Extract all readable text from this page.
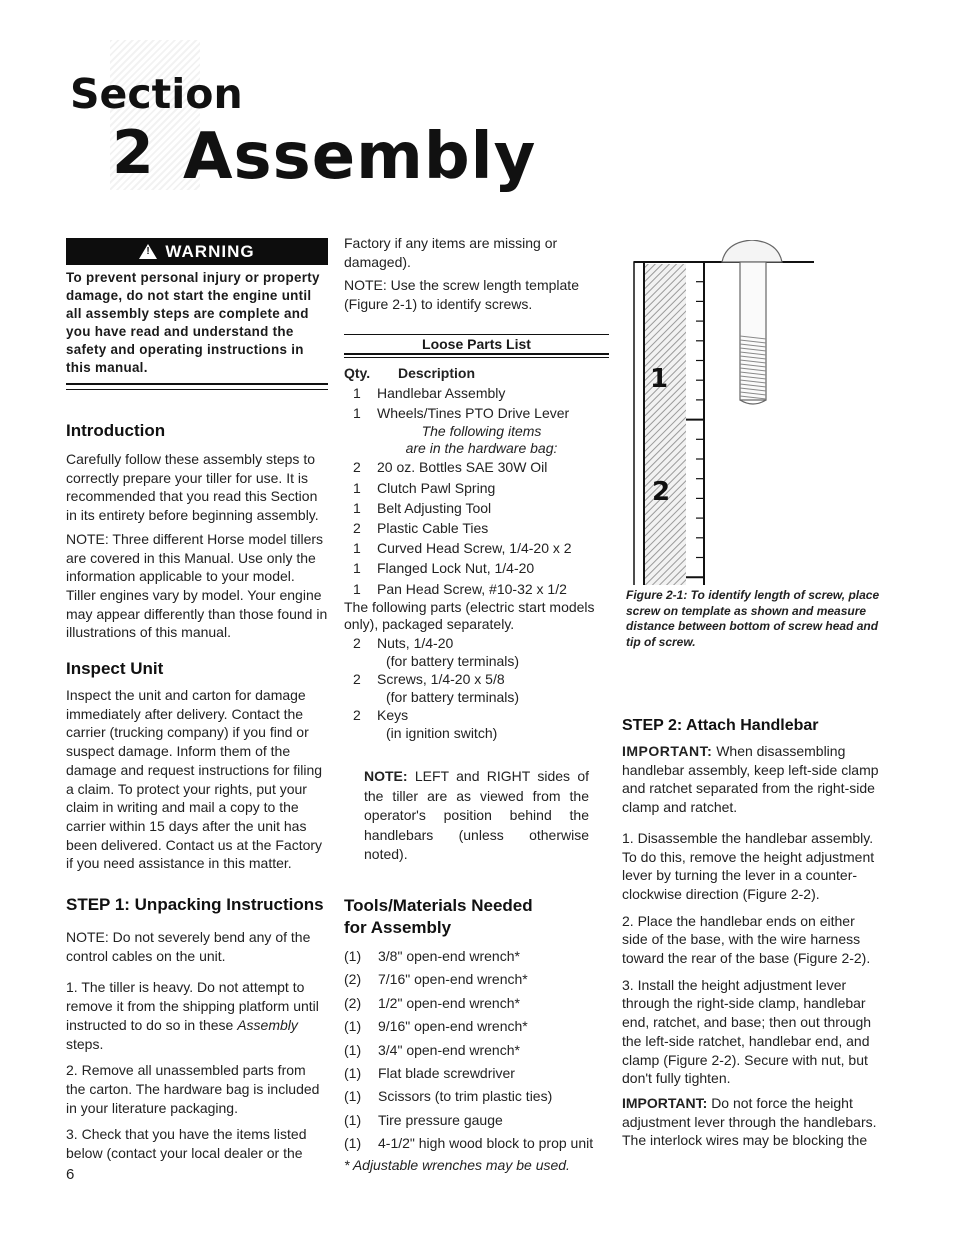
Section
2 Assembly
!
WARNING
To prevent personal injury or property damage, do not start the engine until all assembly steps are complete and you have read and understand the safety and operating instructions in this manual.
Introduction

Carefully follow these assembly steps to correctly prepare your tiller for use. It is recommended that you read this Section in its entirety before beginning assembly.

NOTE: Three different Horse model tillers are covered in this Manual. Use only the information applicable to your model. Tiller engines vary by model. Your engine may appear differently than those found in illustrations of this manual.

Inspect Unit

Inspect the unit and carton for damage immediately after delivery. Contact the carrier (trucking company) if you find or suspect damage. Inform them of the damage and request instructions for filing a claim. To protect your rights, put your claim in writing and mail a copy to the carrier within 15 days after the unit has been delivered. Contact us at the Factory if you need assistance in this matter.

STEP 1: Unpacking Instructions

NOTE: Do not severely bend any of the control cables on the unit.

1. The tiller is heavy. Do not attempt to remove it from the shipping platform until instructed to do so in these Assembly steps.

2. Remove all unassembled parts from the carton. The hardware bag is included in your literature packaging.

3. Check that you have the items listed below (contact your local dealer or the

Factory if any items are missing or damaged).

NOTE: Use the screw length template (Figure 2-1) to identify screws.

Loose Parts List
Qty.	Description
1	Handlebar Assembly
1	Wheels/Tines PTO Drive Lever
The following items
are in the hardware bag:
2	20 oz. Bottles SAE 30W Oil
1	Clutch Pawl Spring
1	Belt Adjusting Tool
2	Plastic Cable Ties
1	Curved Head Screw, 1/4-20 x 2
1	Flanged Lock Nut, 1/4-20
1	Pan Head Screw, #10-32 x 1/2
The following parts (electric start models only), packaged separately.
2	Nuts, 1/4-20
(for battery terminals)
2	Screws, 1/4-20 x 5/8
(for battery terminals)
2	Keys
(in ignition switch)

NOTE: LEFT and RIGHT sides of the tiller are as viewed from the operator's position behind the handlebars (unless otherwise noted).

Tools/Materials Needed
for Assembly
(1)	3/8" open-end wrench*
(2)	7/16" open-end wrench*
(2)	1/2" open-end wrench*
(1)	9/16" open-end wrench*
(1)	3/4" open-end wrench*
(1)	Flat blade screwdriver
(1)	Scissors (to trim plastic ties)
(1)	Tire pressure gauge
(1)	4-1/2" high wood block to prop unit
* Adjustable wrenches may be used.
1
2
Figure 2-1: To identify length of screw, place screw on template as shown and measure distance between bottom of screw head and tip of screw.
STEP 2: Attach Handlebar

IMPORTANT: When disassembling handlebar assembly, keep left-side clamp and ratchet separated from the right-side clamp and ratchet.

1. Disassemble the handlebar assembly. To do this, remove the height adjustment lever by turning the lever in a counter-clockwise direction (Figure 2-2).

2. Place the handlebar ends on either side of the base, with the wire harness toward the rear of the base (Figure 2-2).

3. Install the height adjustment lever through the right-side clamp, handlebar end, ratchet, and base; then out through the left-side ratchet, handlebar end, and clamp (Figure 2-2). Secure with nut, but don't fully tighten.

IMPORTANT: Do not force the height adjustment lever through the handlebars. The interlock wires may be blocking the

6
